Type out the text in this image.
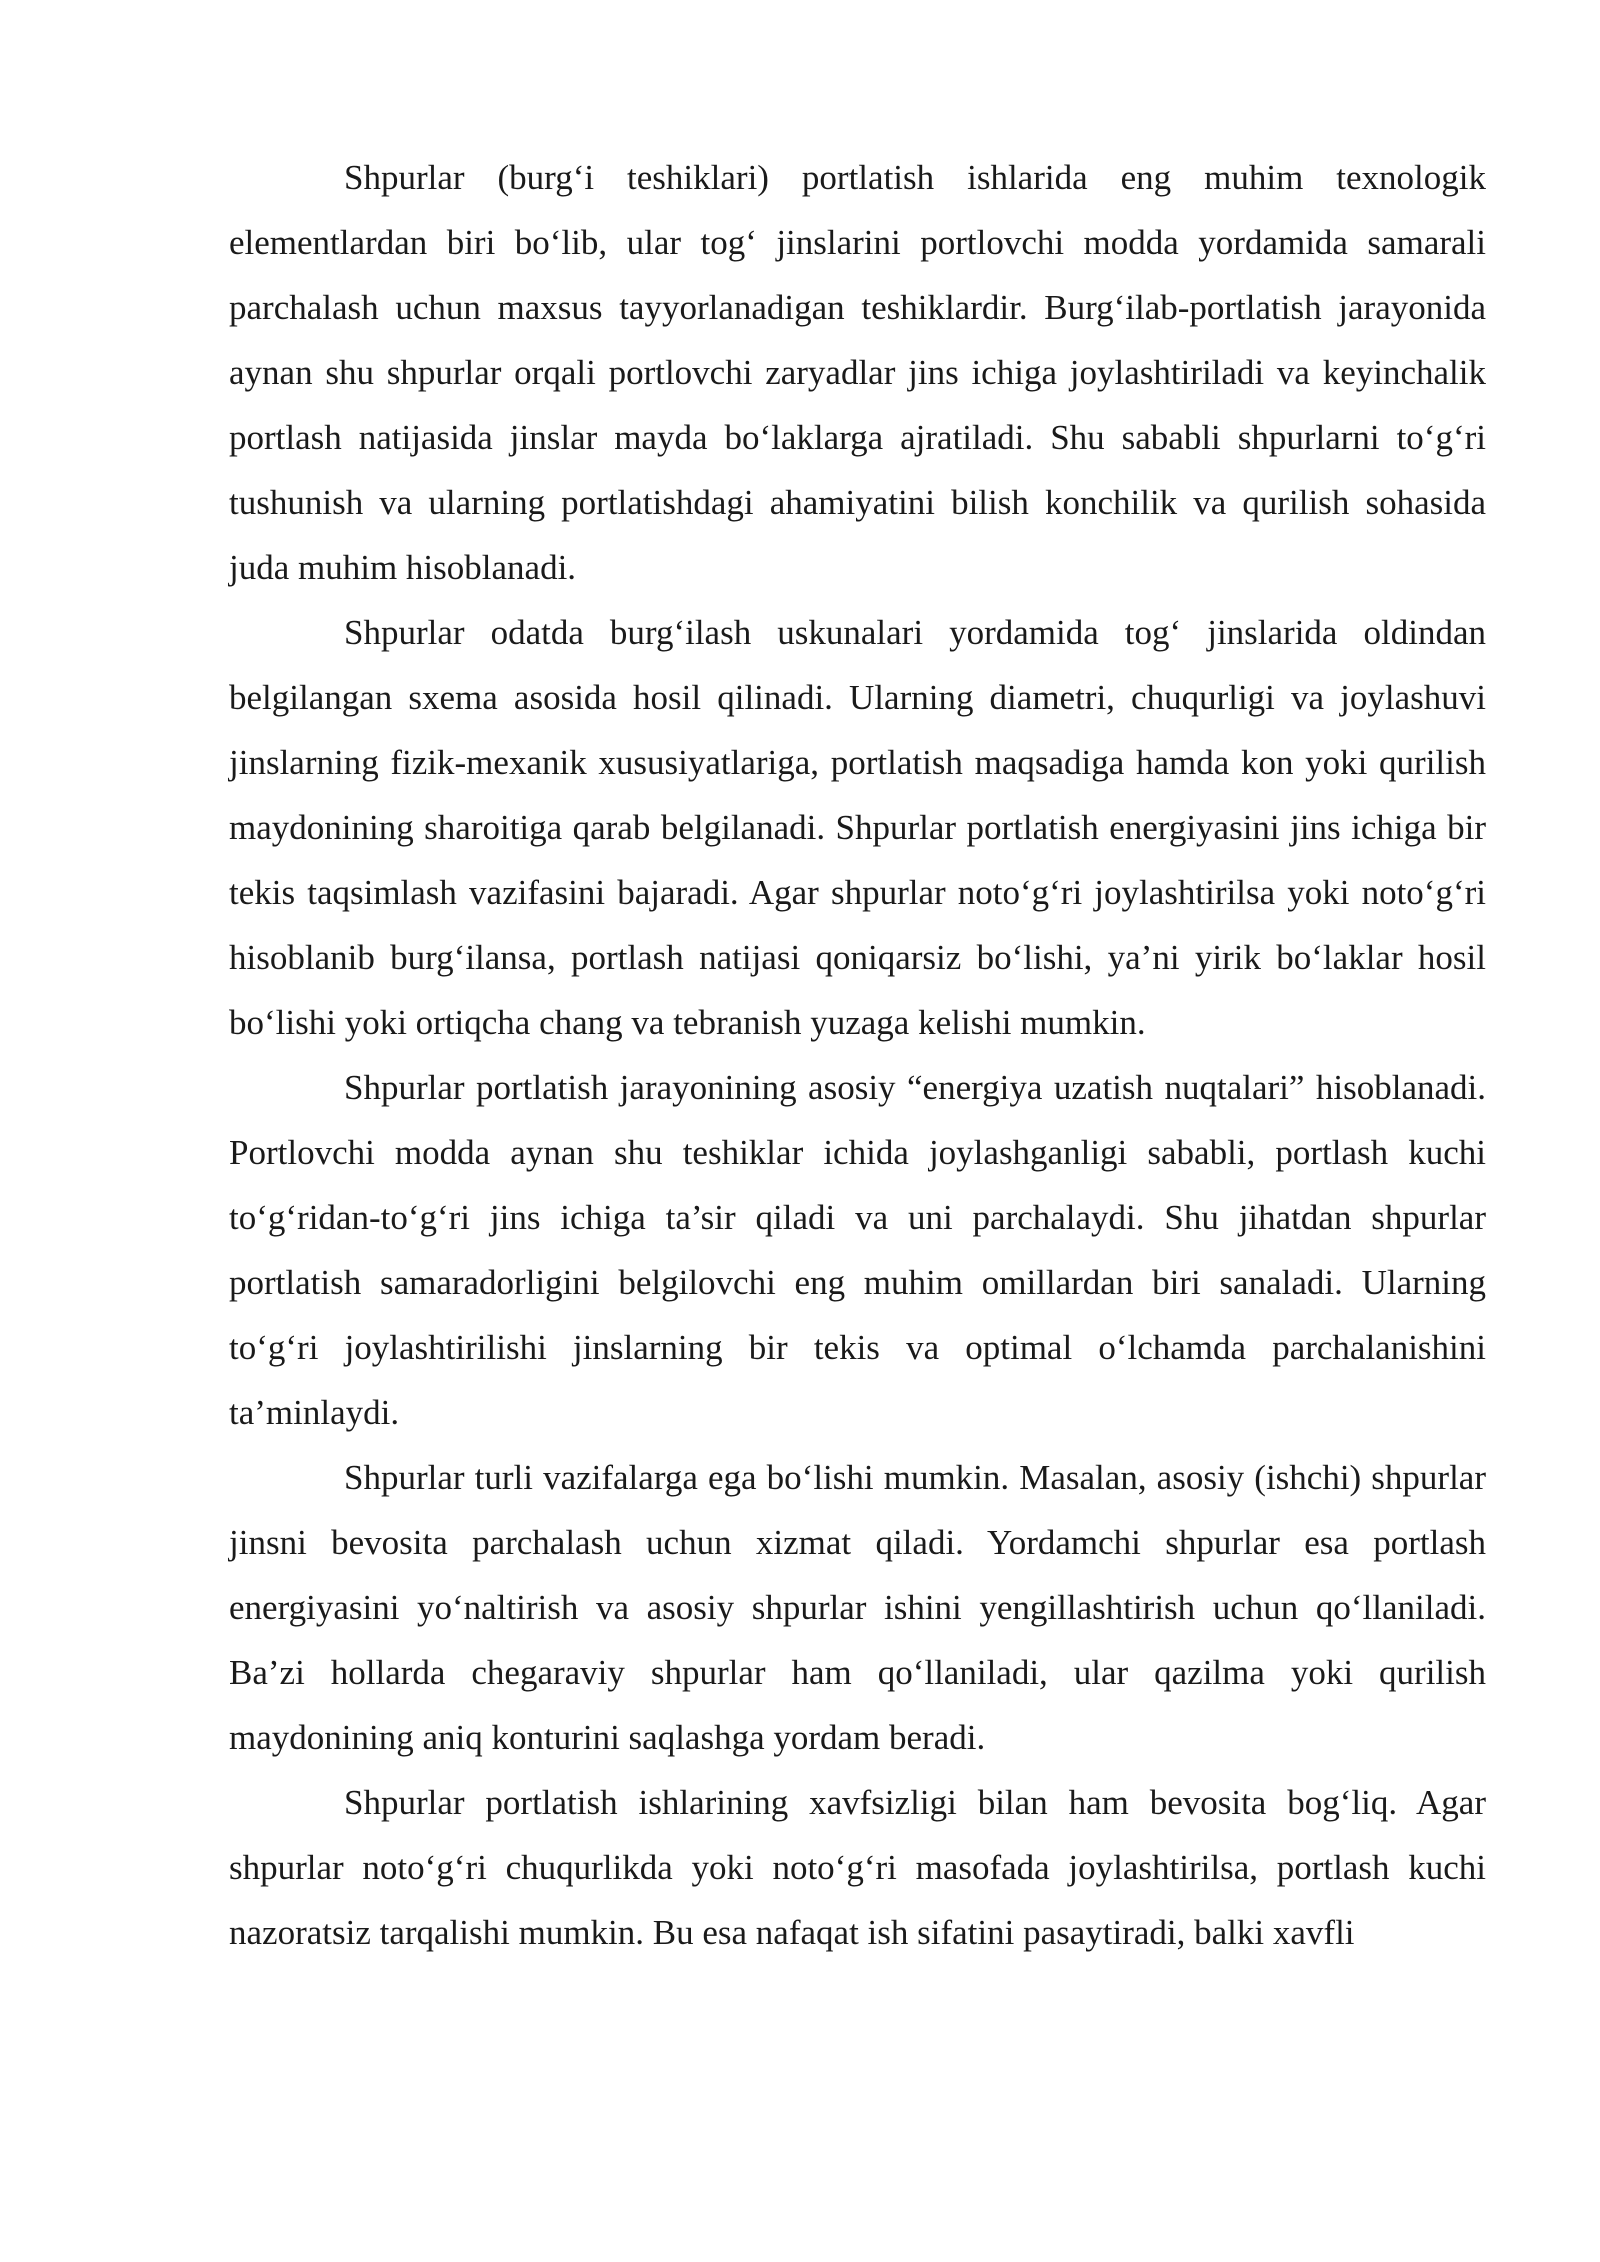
Shpurlar (burg‘i teshiklari) portlatish ishlarida eng muhim texnologik elementlardan biri bo‘lib, ular tog‘ jinslarini portlovchi modda yordamida samarali parchalash uchun maxsus tayyorlanadigan teshiklardir. Burg‘ilab-portlatish jarayonida aynan shu shpurlar orqali portlovchi zaryadlar jins ichiga joylashtiriladi va keyinchalik portlash natijasida jinslar mayda bo‘laklarga ajratiladi. Shu sababli shpurlarni to‘g‘ri tushunish va ularning portlatishdagi ahamiyatini bilish konchilik va qurilish sohasida juda muhim hisoblanadi.

Shpurlar odatda burg‘ilash uskunalari yordamida tog‘ jinslarida oldindan belgilangan sxema asosida hosil qilinadi. Ularning diametri, chuqurligi va joylashuvi jinslarning fizik-mexanik xususiyatlariga, portlatish maqsadiga hamda kon yoki qurilish maydonining sharoitiga qarab belgilanadi. Shpurlar portlatish energiyasini jins ichiga bir tekis taqsimlash vazifasini bajaradi. Agar shpurlar noto‘g‘ri joylashtirilsa yoki noto‘g‘ri hisoblanib burg‘ilansa, portlash natijasi qoniqarsiz bo‘lishi, ya’ni yirik bo‘laklar hosil bo‘lishi yoki ortiqcha chang va tebranish yuzaga kelishi mumkin.

Shpurlar portlatish jarayonining asosiy “energiya uzatish nuqtalari” hisoblanadi. Portlovchi modda aynan shu teshiklar ichida joylashganligi sababli, portlash kuchi to‘g‘ridan-to‘g‘ri jins ichiga ta’sir qiladi va uni parchalaydi. Shu jihatdan shpurlar portlatish samaradorligini belgilovchi eng muhim omillardan biri sanaladi. Ularning to‘g‘ri joylashtirilishi jinslarning bir tekis va optimal o‘lchamda parchalanishini ta’minlaydi.

Shpurlar turli vazifalarga ega bo‘lishi mumkin. Masalan, asosiy (ishchi) shpurlar jinsni bevosita parchalash uchun xizmat qiladi. Yordamchi shpurlar esa portlash energiyasini yo‘naltirish va asosiy shpurlar ishini yengillashtirish uchun qo‘llaniladi. Ba’zi hollarda chegaraviy shpurlar ham qo‘llaniladi, ular qazilma yoki qurilish maydonining aniq konturini saqlashga yordam beradi.

Shpurlar portlatish ishlarining xavfsizligi bilan ham bevosita bog‘liq. Agar shpurlar noto‘g‘ri chuqurlikda yoki noto‘g‘ri masofada joylashtirilsa, portlash kuchi nazoratsiz tarqalishi mumkin. Bu esa nafaqat ish sifatini pasaytiradi, balki xavfli
